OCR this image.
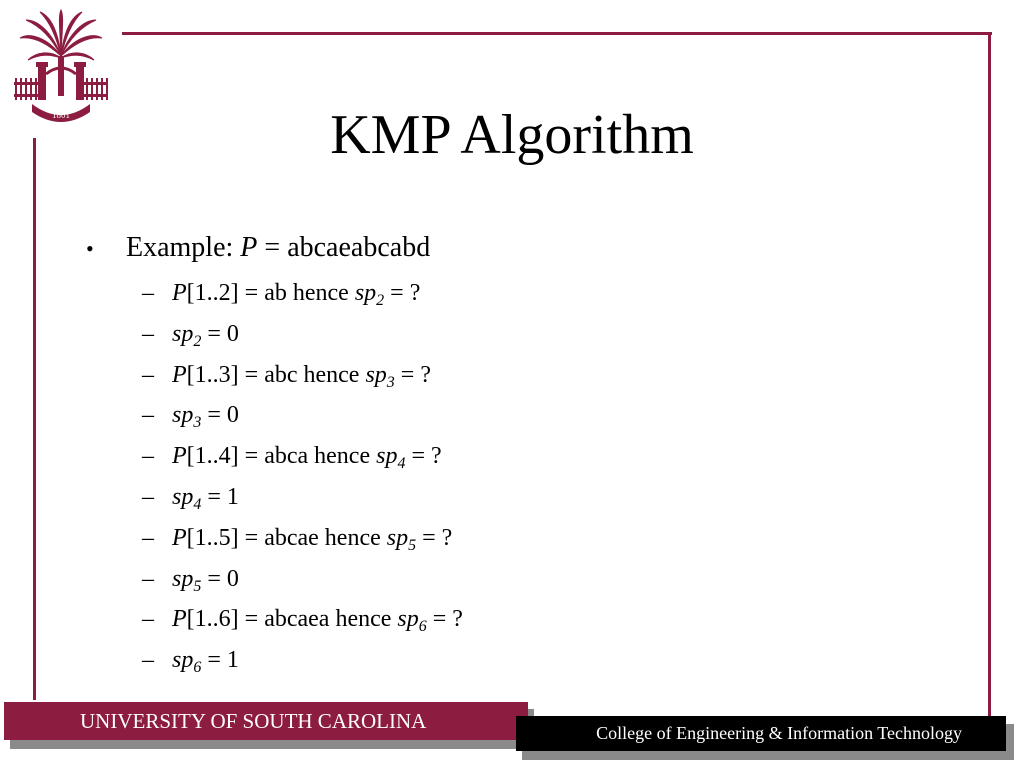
1801	KMP Algorithm
•	Example: P = abcaeabcabd
– P[1..2] = ab hence $sp_2$ = ?
– $sp_2 = 0$
– P[1..3] = abc hence $sp_3$ = ?
– $sp_3 = 0$
– P[1..4] = abca hence $sp_4$ = ?
– $sp_4 = 1$
– P[1..5] = abcae hence $sp_5$ = ?
– $sp_5 = 0$
– P[1..6] = abcaea hence $sp_6$ = ?
– $sp_6 = 1$
UNIVERSITY OF SOUTH CAROLINA	College of Engineering & Information Technology
